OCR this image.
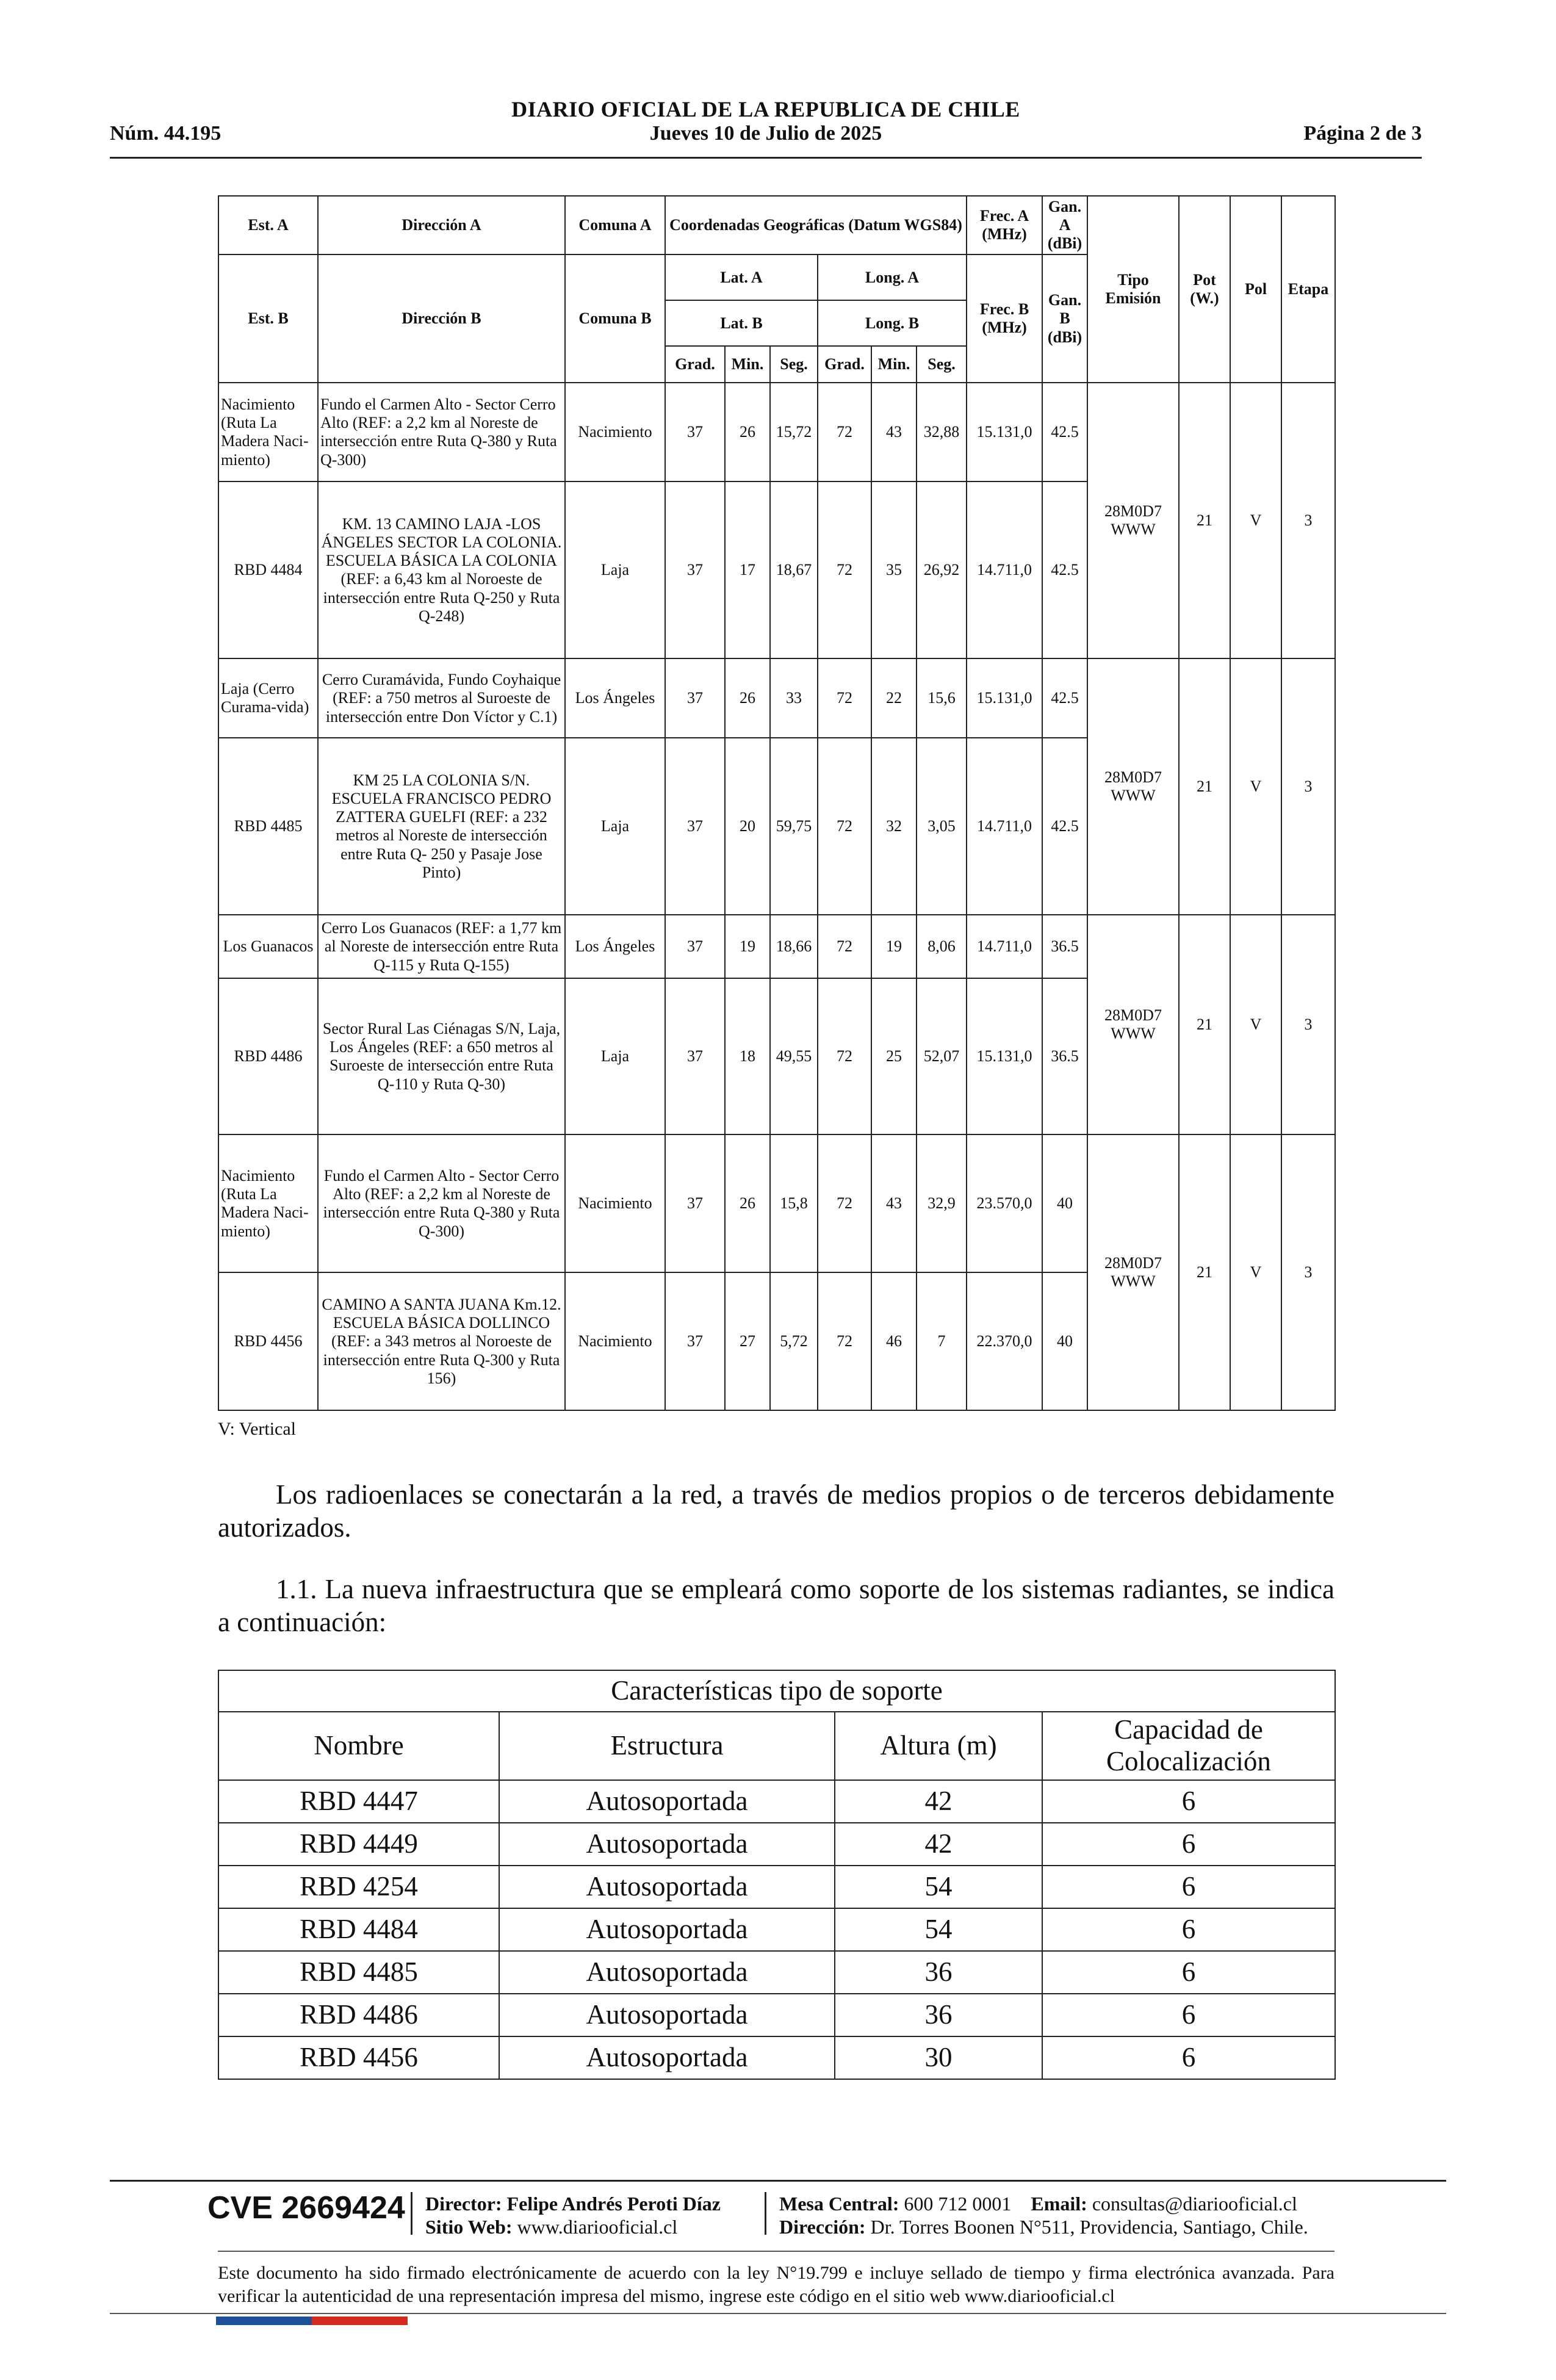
DIARIO OFICIAL DE LA REPUBLICA DE CHILE
Núm. 44.195	Jueves 10 de Julio de 2025	Página 2 de 3
Est. A	Dirección A	Comuna A	Coordenadas Geográficas (Datum WGS84)						Frec. A (MHz)	Gan. A (dBi)	Tipo Emisión	Pot (W.)	Pol	Etapa
Est. B	Dirección B	Comuna B	Lat. A			Long. A			Frec. B (MHz)	Gan. B (dBi)				
			Lat. B			Long. B								
			Grad.	Min.	Seg.	Grad.	Min.	Seg.						
Nacimiento (Ruta La Madera Naci-miento)	Fundo el Carmen Alto - Sector Cerro Alto (REF: a 2,2 km al Noreste de intersección entre Ruta Q-380 y Ruta Q-300)	Nacimiento	37	26	15,72	72	43	32,88	15.131,0	42.5	28M0D7 WWW	21	V	3
RBD 4484	KM. 13 CAMINO LAJA -LOS ÁNGELES SECTOR LA COLONIA. ESCUELA BÁSICA LA COLONIA (REF: a 6,43 km al Noroeste de intersección entre Ruta Q-250 y Ruta Q-248)	Laja	37	17	18,67	72	35	26,92	14.711,0	42.5				
Laja (Cerro Curama-vida)	Cerro Curamávida, Fundo Coyhaique (REF: a 750 metros al Suroeste de intersección entre Don Víctor y C.1)	Los Ángeles	37	26	33	72	22	15,6	15.131,0	42.5	28M0D7 WWW	21	V	3
RBD 4485	KM 25 LA COLONIA S/N. ESCUELA FRANCISCO PEDRO ZATTERA GUELFI (REF: a 232 metros al Noreste de intersección entre Ruta Q- 250 y Pasaje Jose Pinto)	Laja	37	20	59,75	72	32	3,05	14.711,0	42.5				
Los Guanacos	Cerro Los Guanacos (REF: a 1,77 km al Noreste de intersección entre Ruta Q-115 y Ruta Q-155)	Los Ángeles	37	19	18,66	72	19	8,06	14.711,0	36.5	28M0D7 WWW	21	V	3
RBD 4486	Sector Rural Las Ciénagas S/N, Laja, Los Ángeles (REF: a 650 metros al Suroeste de intersección entre Ruta Q-110 y Ruta Q-30)	Laja	37	18	49,55	72	25	52,07	15.131,0	36.5				
Nacimiento (Ruta La Madera Naci-miento)	Fundo el Carmen Alto - Sector Cerro Alto (REF: a 2,2 km al Noreste de intersección entre Ruta Q-380 y Ruta Q-300)	Nacimiento	37	26	15,8	72	43	32,9	23.570,0	40	28M0D7 WWW	21	V	3
RBD 4456	CAMINO A SANTA JUANA Km.12. ESCUELA BÁSICA DOLLINCO (REF: a 343 metros al Noroeste de intersección entre Ruta Q-300 y Ruta 156)	Nacimiento	37	27	5,72	72	46	7	22.370,0	40				
V: Vertical

Los radioenlaces se conectarán a la red, a través de medios propios o de terceros debidamente autorizados.

1.1. La nueva infraestructura que se empleará como soporte de los sistemas radiantes, se indica a continuación:

Características tipo de soporte			
Nombre	Estructura	Altura (m)	Capacidad de Colocalización
RBD 4447	Autosoportada	42	6
RBD 4449	Autosoportada	42	6
RBD 4254	Autosoportada	54	6
RBD 4484	Autosoportada	54	6
RBD 4485	Autosoportada	36	6
RBD 4486	Autosoportada	36	6
RBD 4456	Autosoportada	30	6
CVE 2669424 Director: Felipe Andrés Peroti Díaz
Sitio Web: www.diariooficial.cl
Mesa Central: 600 712 0001 Email: consultas@diariooficial.cl
Dirección: Dr. Torres Boonen N°511, Providencia, Santiago, Chile.
Este documento ha sido firmado electrónicamente de acuerdo con la ley N°19.799 e incluye sellado de tiempo y firma electrónica avanzada. Para verificar la autenticidad de una representación impresa del mismo, ingrese este código en el sitio web www.diariooficial.cl
